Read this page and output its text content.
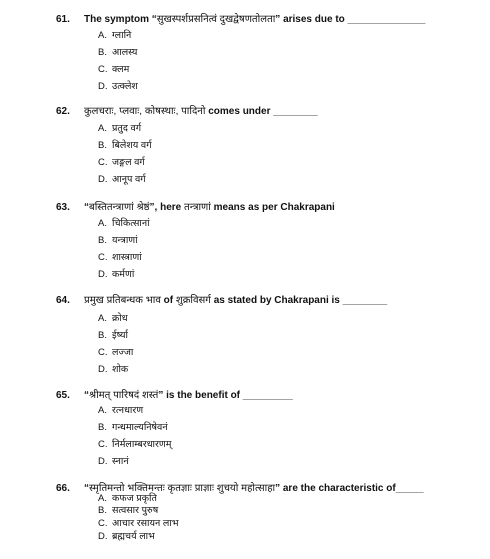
61. The symptom “सुखस्पर्शप्रसनित्वं दुखद्वेषणतोलता” arises due to ______________
A. ग्लानि
B. आलस्य
C. क्लम
D. उत्क्लेश
62. कुलचराः, प्लवाः, कोषस्थाः, पादिनो comes under ________
A. प्रतुद वर्ग
B. बिलेशय वर्ग
C. जङ्गल वर्ग
D. आनूप वर्ग
63. “बस्तितन्त्राणां श्रेष्ठं”, here तन्त्राणां means as per Chakrapani
A. चिकित्सानां
B. यन्त्राणां
C. शास्त्राणां
D. कर्मणां
64. प्रमुख प्रतिबन्धक भाव of शुक्रविसर्ग as stated by Chakrapani is ________
A. क्रोध
B. ईर्ष्या
C. लज्जा
D. शोक
65. “श्रीमत् पारिषदं शस्तं” is the benefit of _________
A. रत्नधारण
B. गन्धमाल्यनिषेवनं
C. निर्मलाम्बरधारणम्
D. स्नानं
66. “स्मृतिमन्तो भक्तिमन्तः कृतज्ञाः प्राज्ञाः शुचयो महोत्साहा” are the characteristic of_____
A. कफज प्रकृति
B. सत्वसार पुरुष
C. आचार रसायन लाभ
D. ब्रह्मचर्य लाभ
